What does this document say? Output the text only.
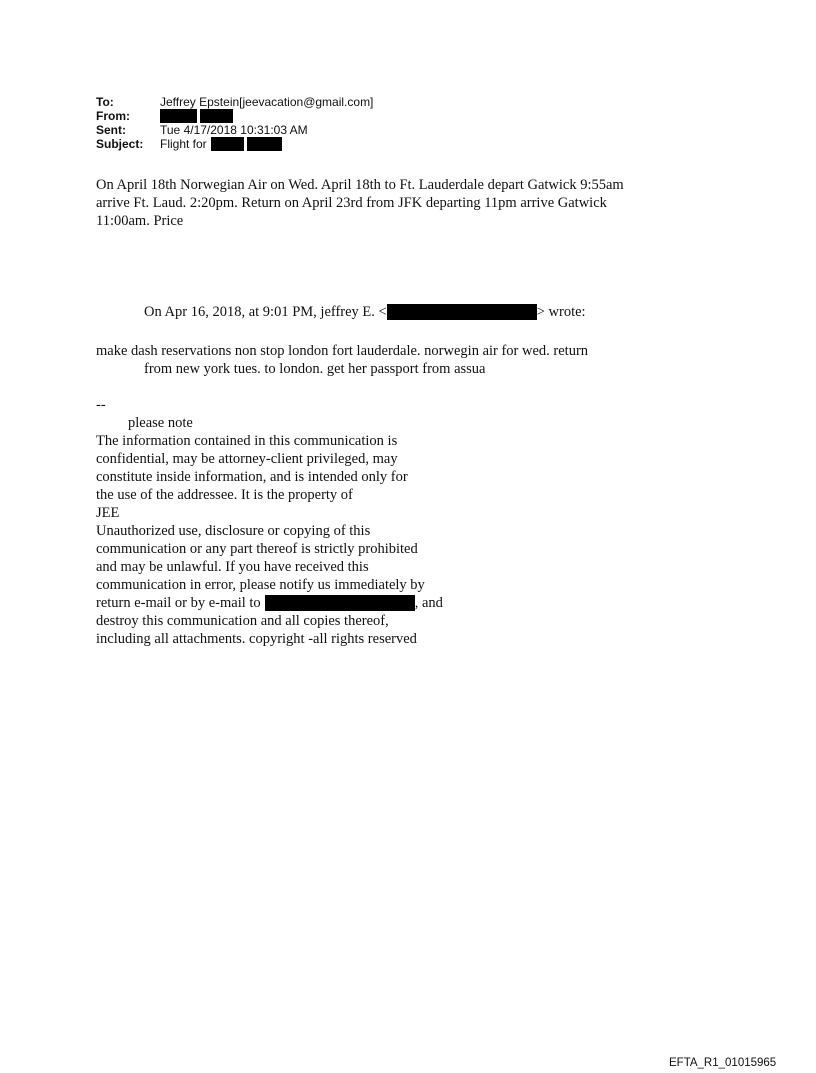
To:	Jeffrey Epstein[jeevacation@gmail.com]
From:
Sent:	Tue 4/17/2018 10:31:03 AM
Subject:	Flight for
On April 18th Norwegian Air on Wed. April 18th to Ft. Lauderdale depart Gatwick 9:55am
arrive Ft. Laud. 2:20pm. Return on April 23rd from JFK departing 11pm arrive Gatwick
11:00am. Price
On Apr 16, 2018, at 9:01 PM, jeffrey E. <	> wrote:
make dash reservations non stop london fort lauderdale. norwegin air for wed. return
from new york tues. to london. get her passport from assua
--
please note
The information contained in this communication is
confidential, may be attorney-client privileged, may
constitute inside information, and is intended only for
the use of the addressee. It is the property of
JEE
Unauthorized use, disclosure or copying of this
communication or any part thereof is strictly prohibited
and may be unlawful. If you have received this
communication in error, please notify us immediately by
return e-mail or by e-mail to	, and
destroy this communication and all copies thereof,
including all attachments. copyright -all rights reserved
EFTA_R1_01015965
